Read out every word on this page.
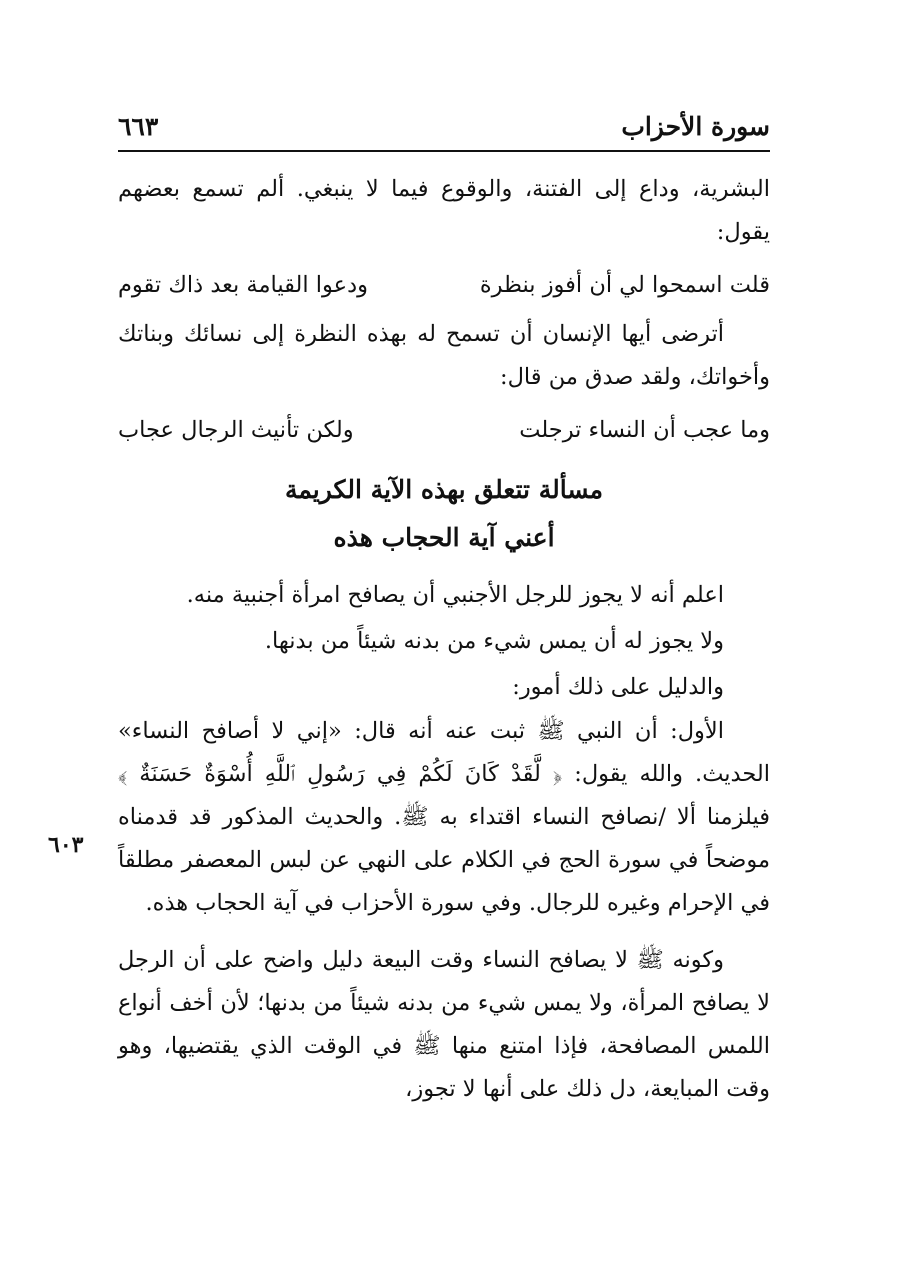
سورة الأحزاب
٦٦٣
٦٠٣

البشرية، وداع إلى الفتنة، والوقوع فيما لا ينبغي. ألم تسمع بعضهم يقول:

قلت اسمحوا لي أن أفوز بنظرة
ودعوا القيامة بعد ذاك تقوم

أترضى أيها الإنسان أن تسمح له بهذه النظرة إلى نسائك وبناتك وأخواتك، ولقد صدق من قال:

وما عجب أن النساء ترجلت
ولكن تأنيث الرجال عجاب
مسألة تتعلق بهذه الآية الكريمة
أعني آية الحجاب هذه

اعلم أنه لا يجوز للرجل الأجنبي أن يصافح امرأة أجنبية منه.

ولا يجوز له أن يمس شيء من بدنه شيئاً من بدنها.

والدليل على ذلك أمور:

الأول: أن النبي ﷺ ثبت عنه أنه قال: «إني لا أصافح النساء» الحديث. والله يقول: ﴿ لَّقَدْ كَانَ لَكُمْ فِي رَسُولِ ٱللَّهِ أُسْوَةٌ حَسَنَةٌ ﴾ فيلزمنا ألا /نصافح النساء اقتداء به ﷺ. والحديث المذكور قد قدمناه موضحاً في سورة الحج في الكلام على النهي عن لبس المعصفر مطلقاً في الإحرام وغيره للرجال. وفي سورة الأحزاب في آية الحجاب هذه.

وكونه ﷺ لا يصافح النساء وقت البيعة دليل واضح على أن الرجل لا يصافح المرأة، ولا يمس شيء من بدنه شيئاً من بدنها؛ لأن أخف أنواع اللمس المصافحة، فإذا امتنع منها ﷺ في الوقت الذي يقتضيها، وهو وقت المبايعة، دل ذلك على أنها لا تجوز،
